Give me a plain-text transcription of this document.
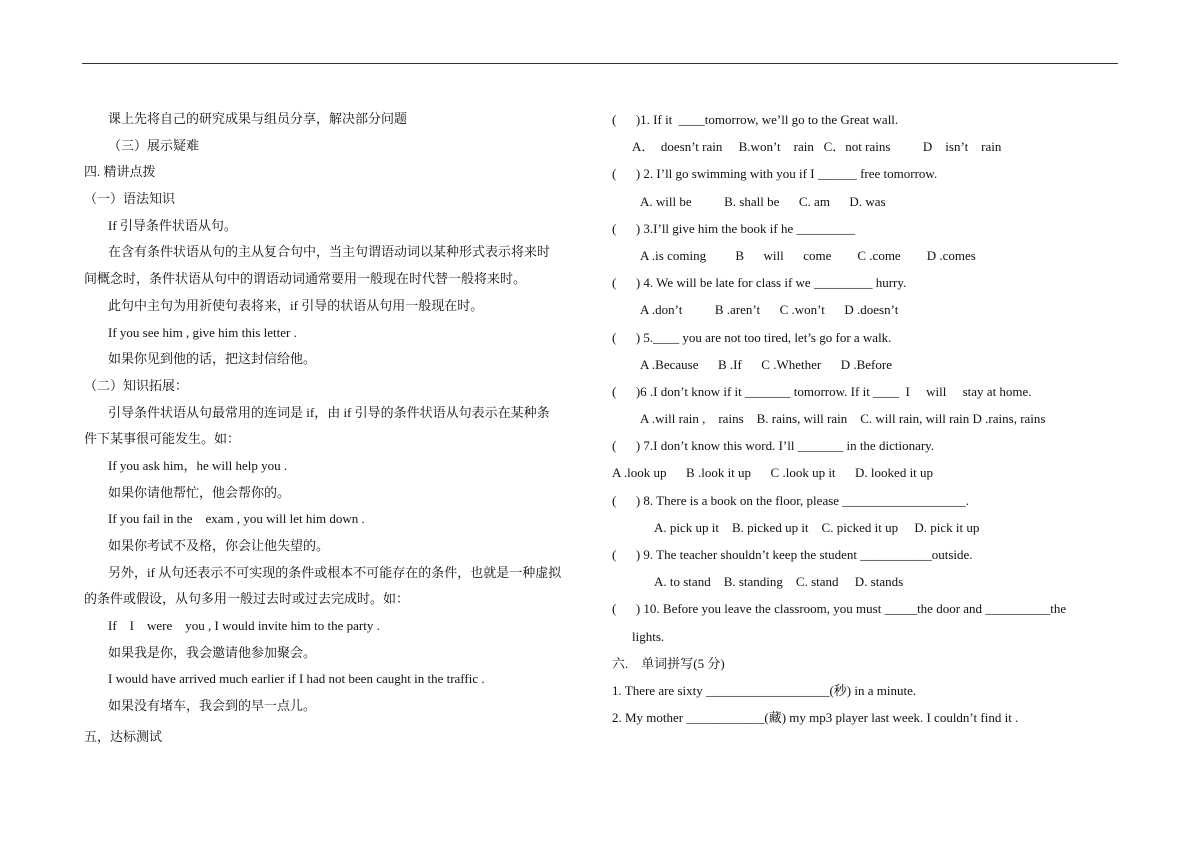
课上先将自己的研究成果与组员分享，解决部分问题
（三）展示疑难
四. 精讲点拨
（一）语法知识
If 引导条件状语从句。
在含有条件状语从句的主从复合句中，当主句谓语动词以某种形式表示将来时
间概念时，条件状语从句中的谓语动词通常要用一般现在时代替一般将来时。
此句中主句为用祈使句表将来，if 引导的状语从句用一般现在时。
If you see him , give him this letter .
如果你见到他的话，把这封信给他。
（二）知识拓展：
引导条件状语从句最常用的连词是 if，由 if 引导的条件状语从句表示在某种条
件下某事很可能发生。如：
If you ask him，he will help you .
如果你请他帮忙，他会帮你的。
If you fail in the    exam , you will let him down .
如果你考试不及格，你会让他失望的。
另外，if 从句还表示不可实现的条件或根本不可能存在的条件，也就是一种虚拟
的条件或假设，从句多用一般过去时或过去完成时。如：
If    I    were    you , I would invite him to the party .
如果我是你，我会邀请他参加聚会。
I would have arrived much earlier if I had not been caught in the traffic .
如果没有堵车，我会到的早一点儿。
五，达标测试
(      )1. If it  ____tomorrow, we’ll go to the Great wall.
A．  doesn’t rain     B.won’t    rain   C．not rains          D    isn’t    rain
(      ) 2. I’ll go swimming with you if I ______ free tomorrow.
A. will be          B. shall be      C. am      D. was
(      ) 3.I’ll give him the book if he _________
A .is coming         B      will      come        C .come        D .comes
(      ) 4. We will be late for class if we _________ hurry.
A .don’t          B .aren’t      C .won’t      D .doesn’t
(      ) 5.____ you are not too tired, let’s go for a walk.
A .Because      B .If      C .Whether      D .Before
(      )6 .I don’t know if it _______ tomorrow. If it ____  I     will     stay at home.
A .will rain ,    rains    B. rains, will rain    C. will rain, will rain D .rains, rains
(      ) 7.I don’t know this word. I’ll _______ in the dictionary.
A .look up      B .look it up      C .look up it      D. looked it up
(      ) 8. There is a book on the floor, please ___________________.
A. pick up it    B. picked up it    C. picked it up     D. pick it up
(      ) 9. The teacher shouldn’t keep the student ___________outside.
A. to stand    B. standing    C. stand     D. stands
(      ) 10. Before you leave the classroom, you must _____the door and __________the
lights.
六.    单词拼写(5 分)
1. There are sixty ___________________(秒) in a minute.
2. My mother ____________(藏) my mp3 player last week. I couldn’t find it .
